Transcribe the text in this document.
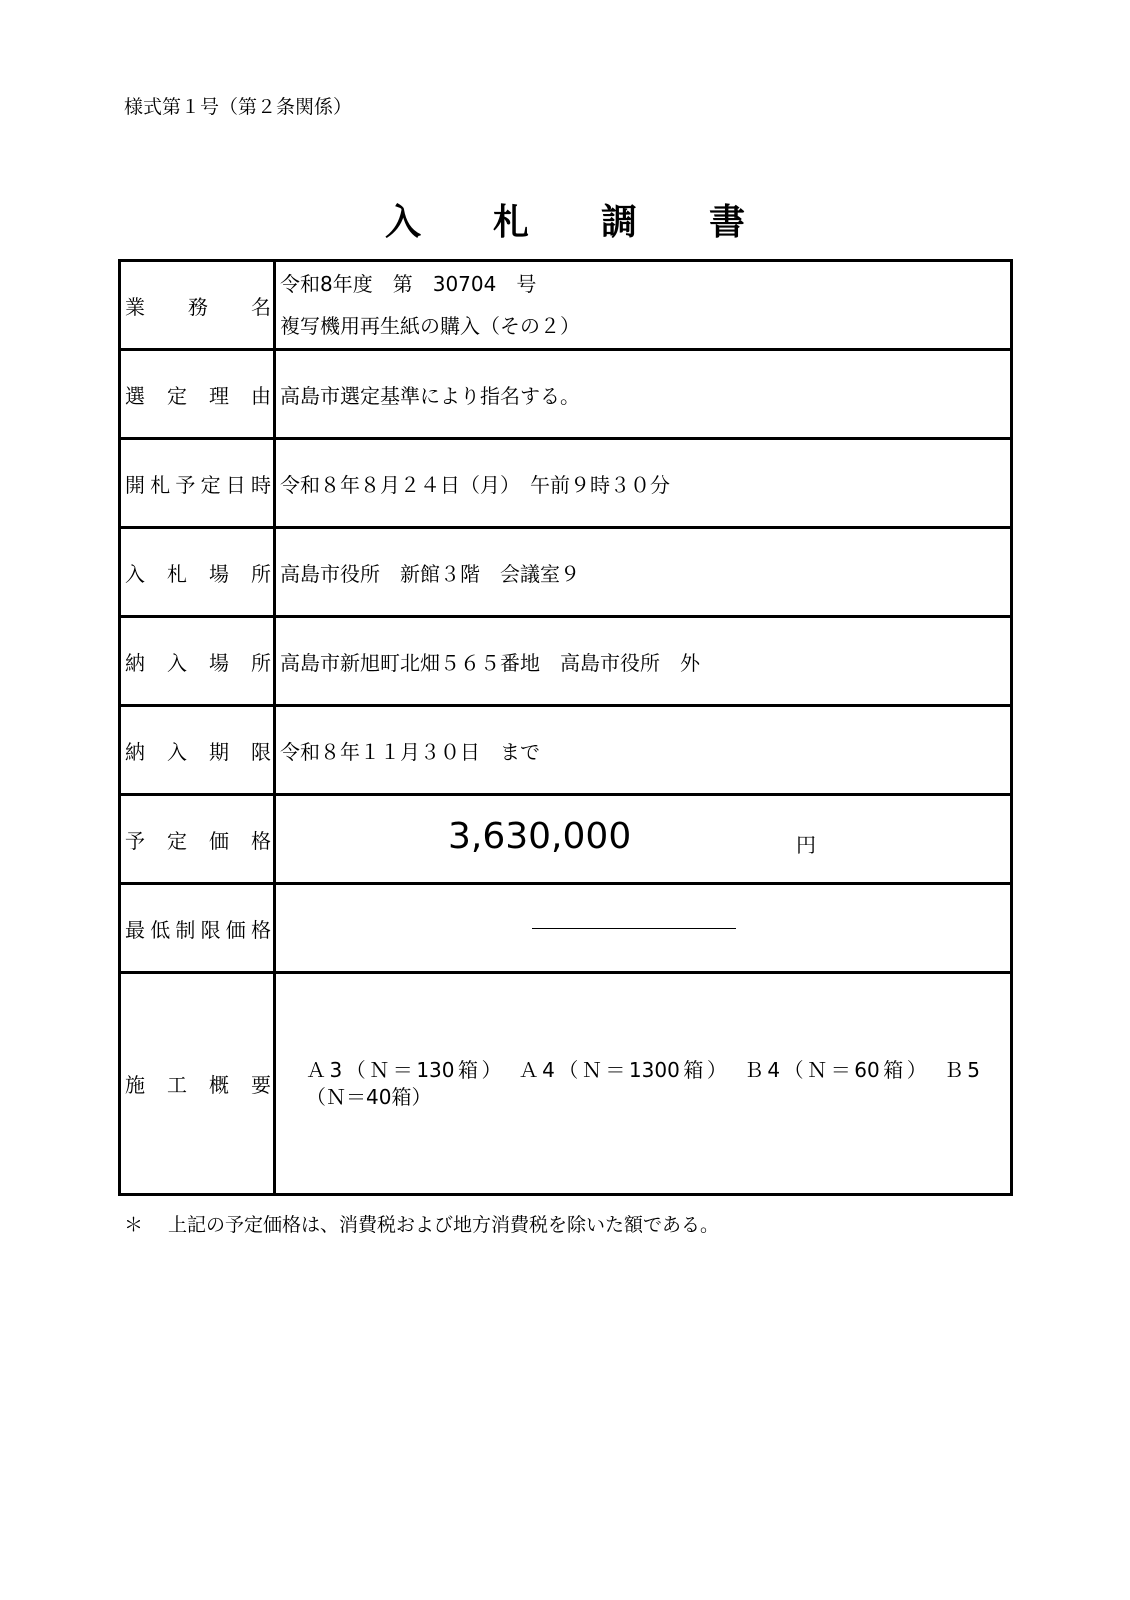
様式第１号（第２条関係）
入札調書
業務名	令和8年度　第　30704　号
複写機用再生紙の購入（その２）

選定理由	高島市選定基準により指名する。

開札予定日時	令和８年８月２４日（月）　午前９時３０分

入札場所	高島市役所　新館３階　会議室９

納入場所	高島市新旭町北畑５６５番地　高島市役所　外

納入期限	令和８年１１月３０日　まで

予定価格	3,630,000 円

最低制限価格	

施工概要	Ａ3（Ｎ＝130箱）　Ａ4（Ｎ＝1300箱）　Ｂ4（Ｎ＝60箱）　Ｂ5
（Ｎ＝40箱）
＊ 上記の予定価格は、消費税および地方消費税を除いた額である。
